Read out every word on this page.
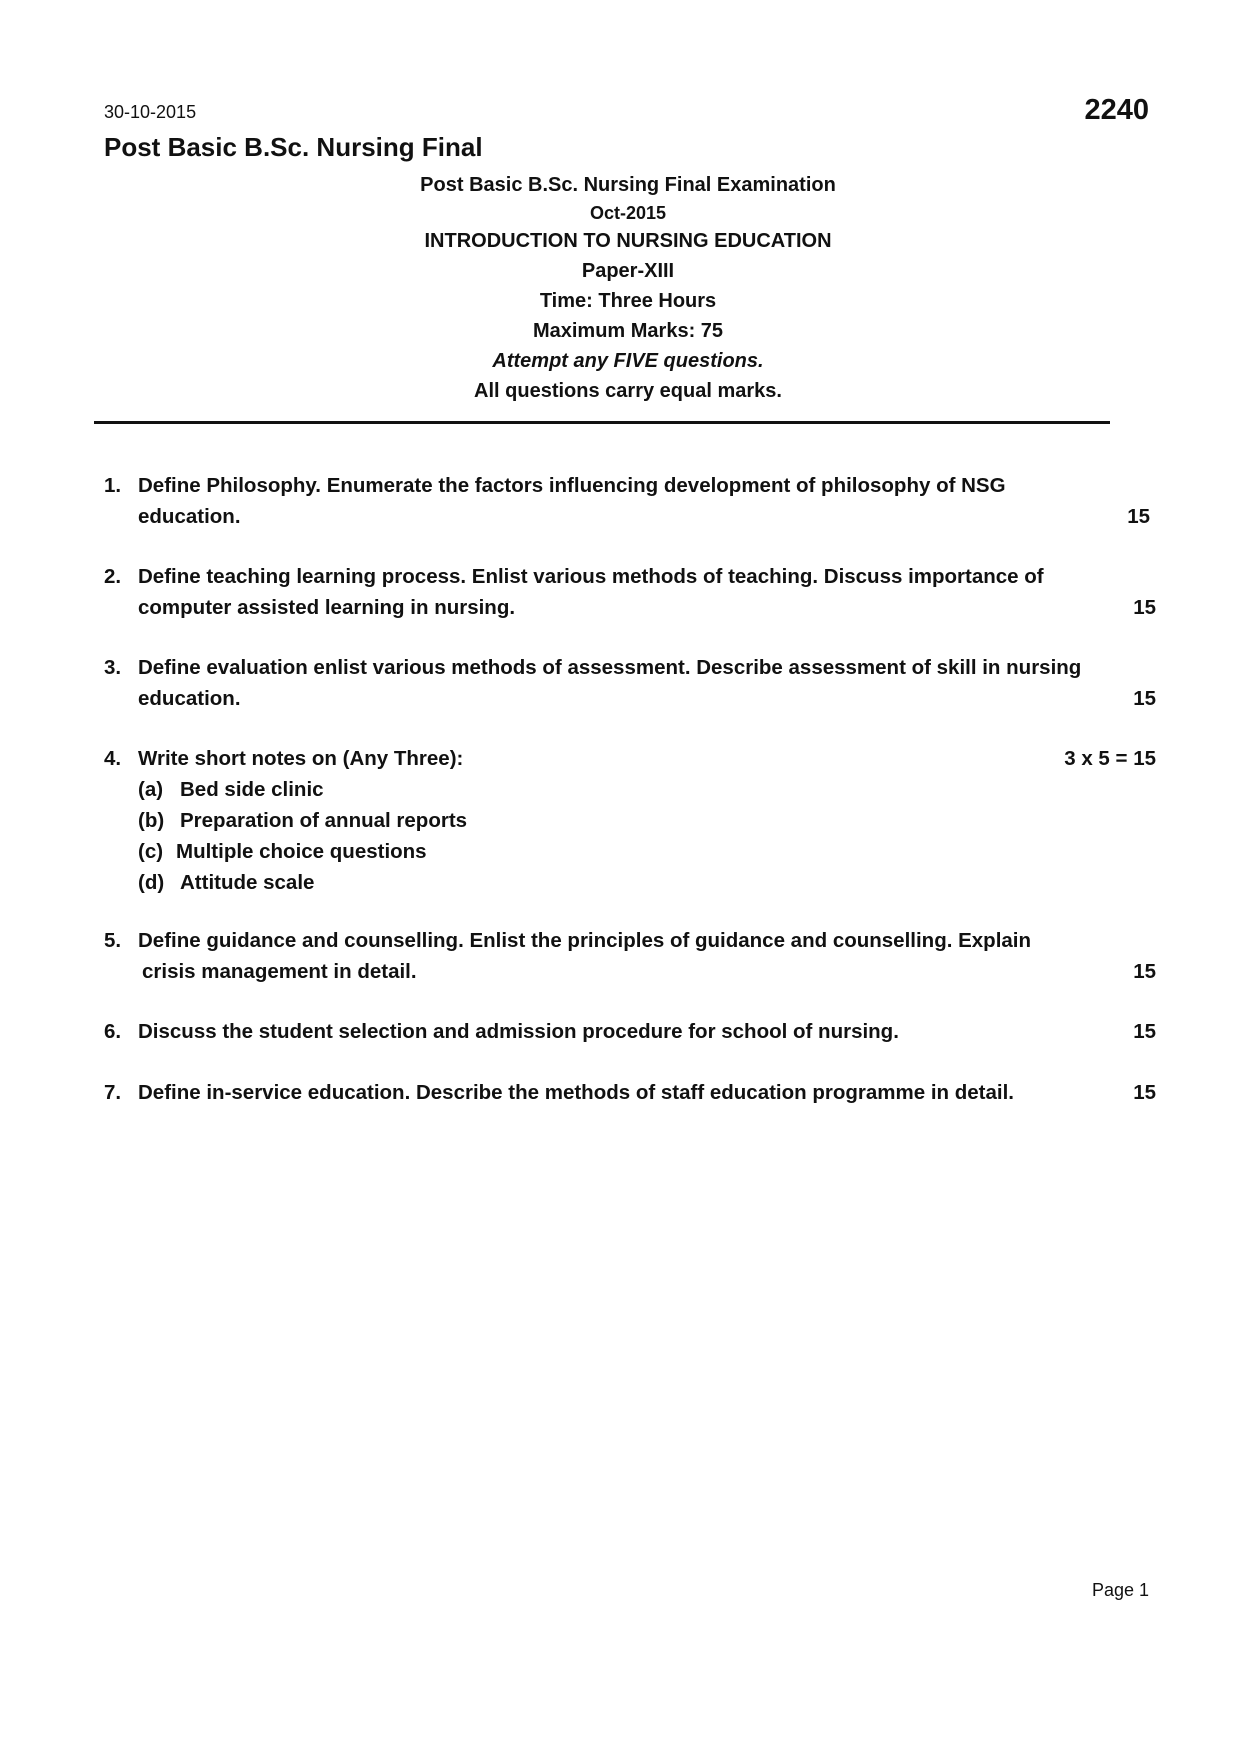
30-10-2015	2240
Post Basic B.Sc. Nursing Final
Post Basic B.Sc. Nursing Final Examination
Oct-2015
INTRODUCTION TO NURSING EDUCATION
Paper-XIII
Time: Three Hours
Maximum Marks: 75
Attempt any FIVE questions.
All questions carry equal marks.
1. Define Philosophy. Enumerate the factors influencing development of philosophy of NSG
education.	15
2. Define teaching learning process. Enlist various methods of teaching. Discuss importance of
computer assisted learning in nursing.	15
3. Define evaluation enlist various methods of assessment. Describe assessment of skill in nursing
education.	15
4. Write short notes on (Any Three):	3 x 5 = 15
(a) Bed side clinic
(b) Preparation of annual reports
(c) Multiple choice questions
(d) Attitude scale
5. Define guidance and counselling. Enlist the principles of guidance and counselling. Explain
crisis management in detail.	15
6. Discuss the student selection and admission procedure for school of nursing.	15
7. Define in-service education. Describe the methods of staff education programme in detail.	15
Page 1
